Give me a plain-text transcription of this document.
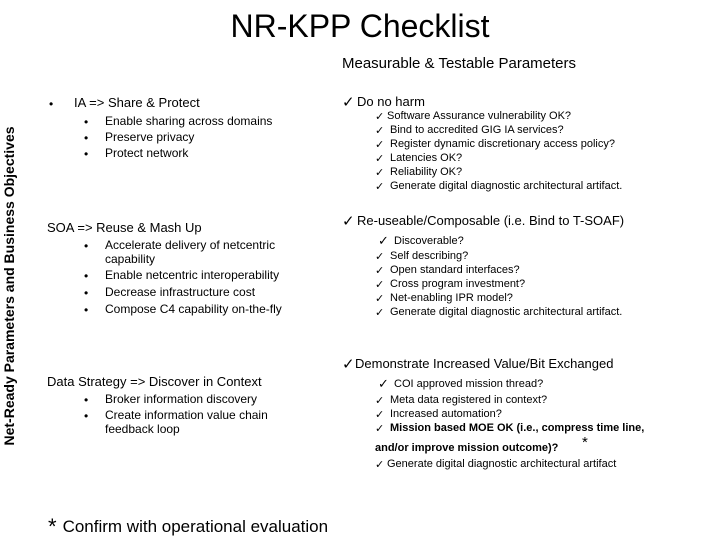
NR-KPP Checklist
Measurable & Testable Parameters
Net-Ready Parameters and Business Objectives
• IA => Share & Protect
• Enable sharing across domains
• Preserve privacy
• Protect network
✓ Do no harm
✓ Software Assurance vulnerability OK?
✓ Bind to accredited GIG IA services?
✓ Register dynamic discretionary access policy?
✓ Latencies OK?
✓ Reliability OK?
✓ Generate digital diagnostic architectural artifact.
SOA => Reuse & Mash Up
• Accelerate delivery of netcentric
capability
• Enable netcentric interoperability
• Decrease infrastructure cost
• Compose C4 capability on-the-fly
✓ Re-useable/Composable (i.e. Bind to T-SOAF)
✓ Discoverable?
✓ Self describing?
✓ Open standard interfaces?
✓ Cross program investment?
✓ Net-enabling IPR model?
✓ Generate digital diagnostic architectural artifact.
Data Strategy => Discover in Context
• Broker information discovery
• Create information value chain
feedback loop
✓ Demonstrate Increased Value/Bit Exchanged
✓ COI approved mission thread?
✓ Meta data registered in context?
✓ Increased automation?
✓ Mission based MOE OK (i.e., compress time line,
and/or improve mission outcome)? *
✓ Generate digital diagnostic architectural artifact
* Confirm with operational evaluation
